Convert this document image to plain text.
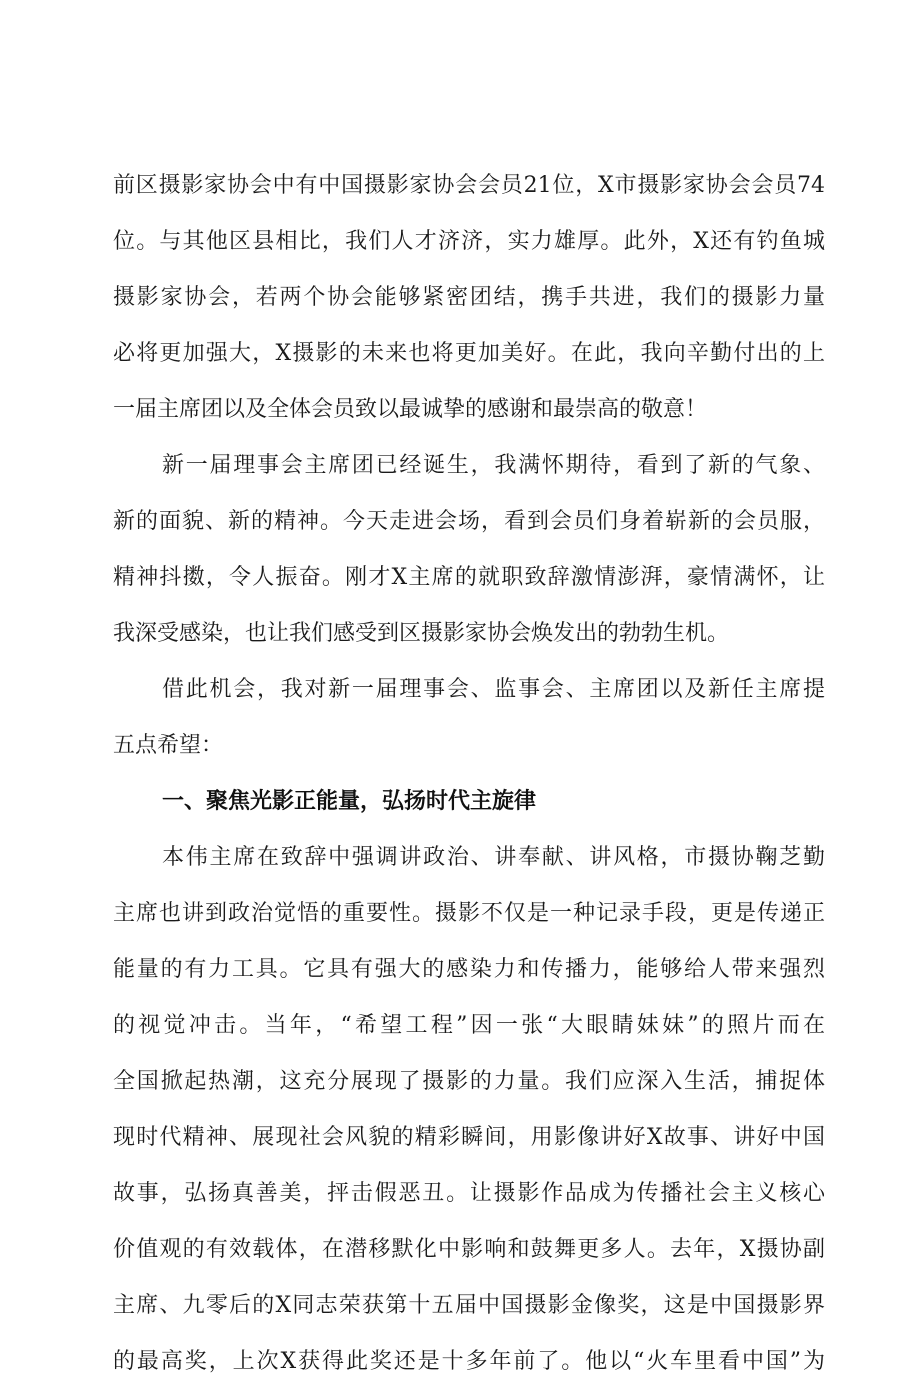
前区摄影家协会中有中国摄影家协会会员21位，X市摄影家协会会员74
位。与其他区县相比，我们人才济济，实力雄厚。此外，X还有钓鱼城
摄影家协会，若两个协会能够紧密团结，携手共进，我们的摄影力量
必将更加强大，X摄影的未来也将更加美好。在此，我向辛勤付出的上
一届主席团以及全体会员致以最诚挚的感谢和最崇高的敬意！
新一届理事会主席团已经诞生，我满怀期待，看到了新的气象、
新的面貌、新的精神。今天走进会场，看到会员们身着崭新的会员服，
精神抖擞，令人振奋。刚才X主席的就职致辞激情澎湃，豪情满怀，让
我深受感染，也让我们感受到区摄影家协会焕发出的勃勃生机。
借此机会，我对新一届理事会、监事会、主席团以及新任主席提
五点希望：
一、聚焦光影正能量，弘扬时代主旋律
本伟主席在致辞中强调讲政治、讲奉献、讲风格，市摄协鞠芝勤
主席也讲到政治觉悟的重要性。摄影不仅是一种记录手段，更是传递正
能量的有力工具。它具有强大的感染力和传播力，能够给人带来强烈
的视觉冲击。当年，“希望工程”因一张“大眼睛妹妹”的照片而在
全国掀起热潮，这充分展现了摄影的力量。我们应深入生活，捕捉体
现时代精神、展现社会风貌的精彩瞬间，用影像讲好X故事、讲好中国
故事，弘扬真善美，抨击假恶丑。让摄影作品成为传播社会主义核心
价值观的有效载体，在潜移默化中影响和鼓舞更多人。去年，X摄协副
主席、九零后的X同志荣获第十五届中国摄影金像奖，这是中国摄影界
的最高奖，上次X获得此奖还是十多年前了。他以“火车里看中国”为
